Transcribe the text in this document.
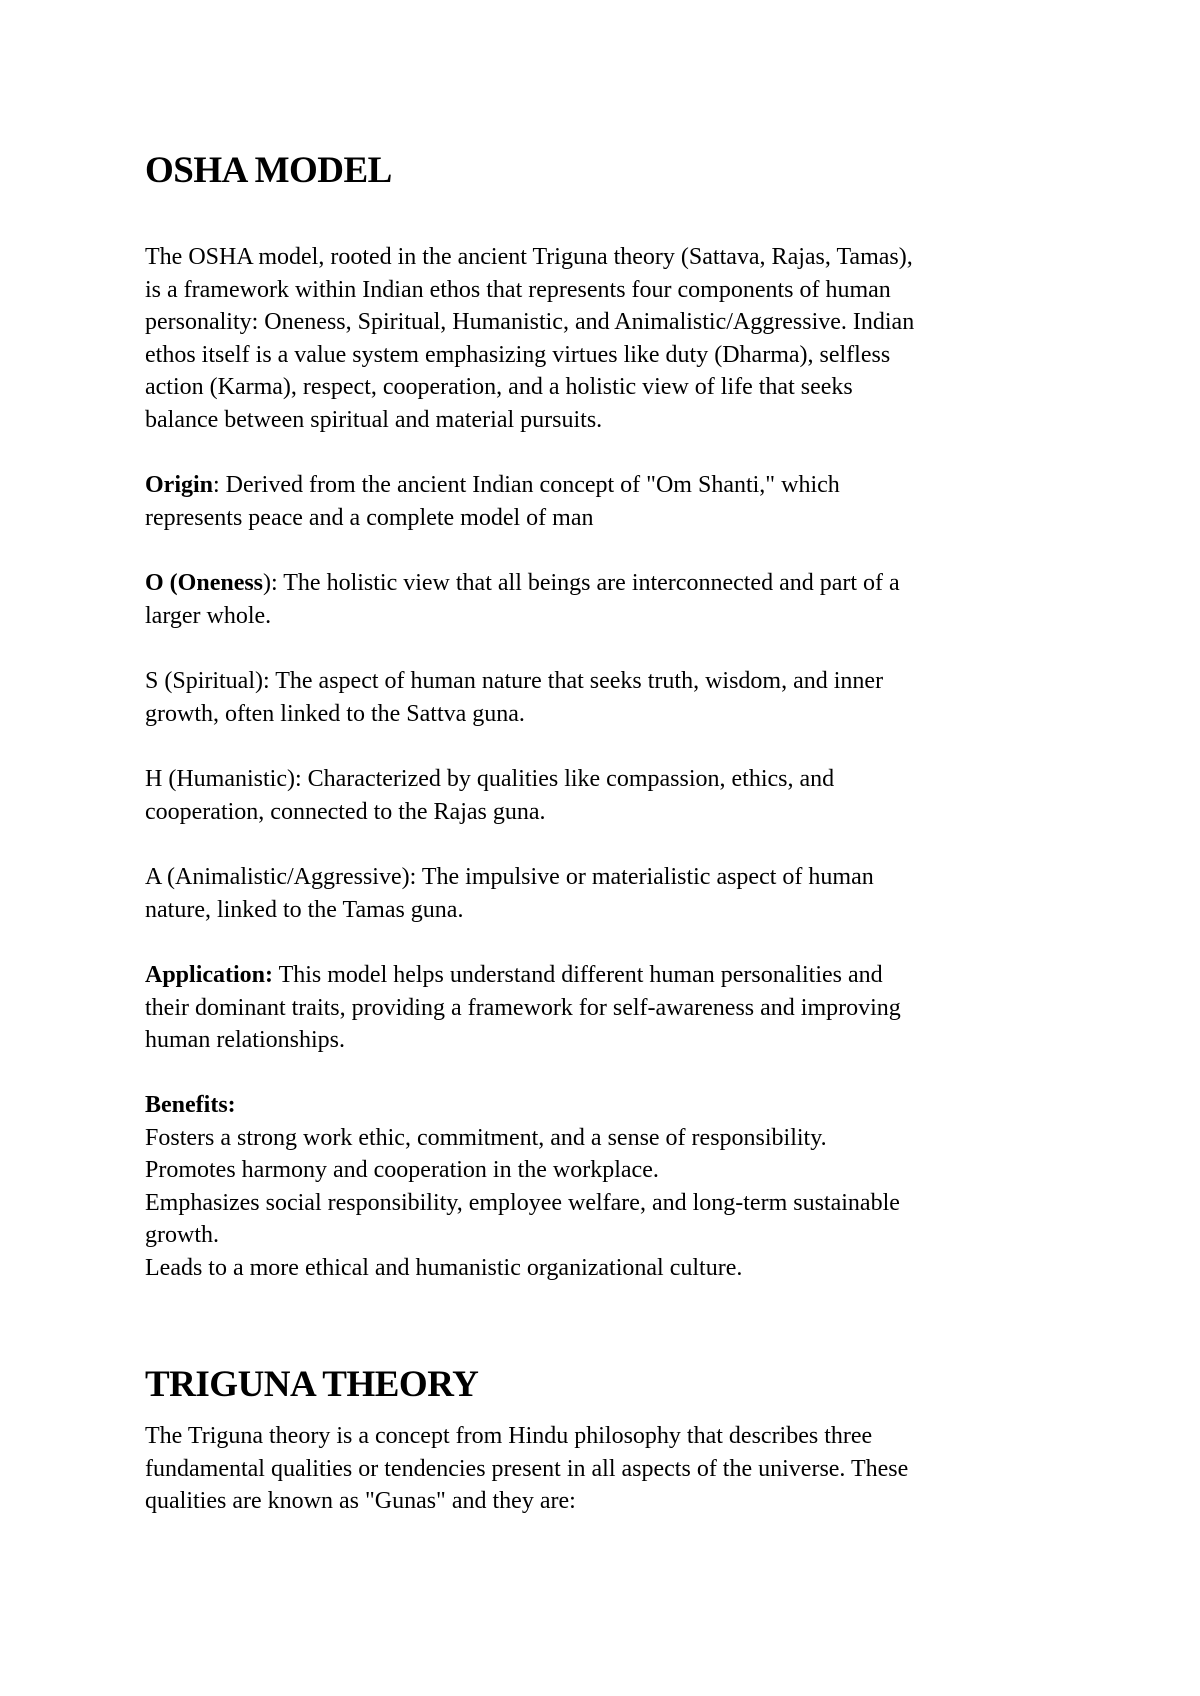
OSHA MODEL
The OSHA model, rooted in the ancient Triguna theory (Sattava, Rajas, Tamas),
is a framework within Indian ethos that represents four components of human
personality: Oneness, Spiritual, Humanistic, and Animalistic/Aggressive. Indian
ethos itself is a value system emphasizing virtues like duty (Dharma), selfless
action (Karma), respect, cooperation, and a holistic view of life that seeks
balance between spiritual and material pursuits.
Origin: Derived from the ancient Indian concept of "Om Shanti," which
represents peace and a complete model of man
O (Oneness): The holistic view that all beings are interconnected and part of a
larger whole.
S (Spiritual): The aspect of human nature that seeks truth, wisdom, and inner
growth, often linked to the Sattva guna.
H (Humanistic): Characterized by qualities like compassion, ethics, and
cooperation, connected to the Rajas guna.
A (Animalistic/Aggressive): The impulsive or materialistic aspect of human
nature, linked to the Tamas guna.
Application: This model helps understand different human personalities and
their dominant traits, providing a framework for self-awareness and improving
human relationships.
Benefits:
Fosters a strong work ethic, commitment, and a sense of responsibility.
Promotes harmony and cooperation in the workplace.
Emphasizes social responsibility, employee welfare, and long-term sustainable
growth.
Leads to a more ethical and humanistic organizational culture.
TRIGUNA THEORY
The Triguna theory is a concept from Hindu philosophy that describes three
fundamental qualities or tendencies present in all aspects of the universe. These
qualities are known as "Gunas" and they are:
